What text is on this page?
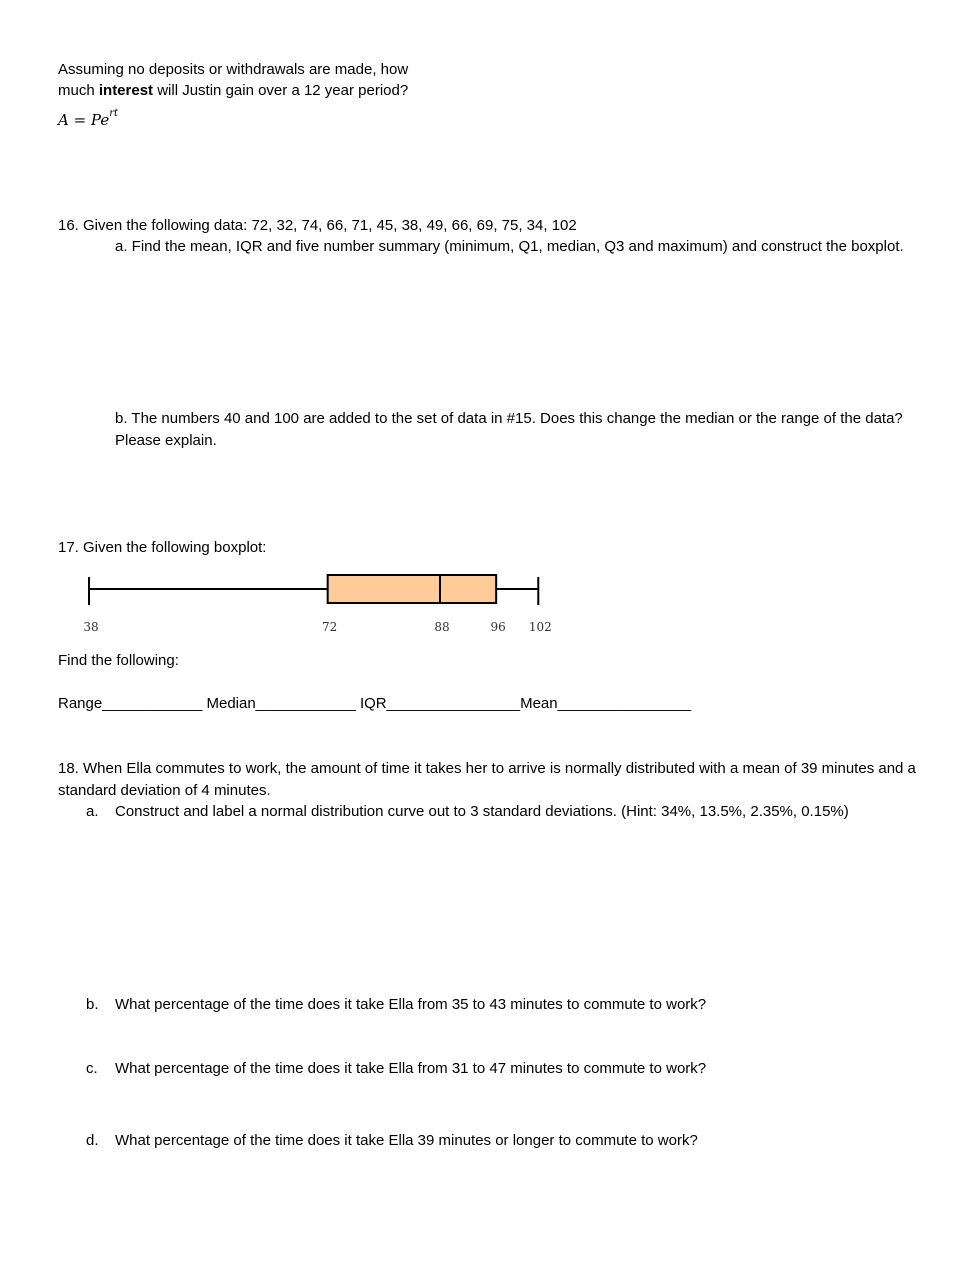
Assuming no deposits or withdrawals are made, how
much interest will Justin gain over a 12 year period?
$A = Pe^{rt}$
16. Given the following data: 72, 32, 74, 66, 71, 45, 38, 49, 66, 69, 75, 34, 102
a. Find the mean, IQR and five number summary (minimum, Q1, median, Q3 and maximum) and construct the boxplot.
b. The numbers 40 and 100 are added to the set of data in #15. Does this change the median or the range of the data? Please explain.
17. Given the following boxplot:
38	72	88	96 102
Find the following:
Range____________ Median____________ IQR________________Mean________________
18. When Ella commutes to work, the amount of time it takes her to arrive is normally distributed with a mean of 39 minutes and a standard deviation of 4 minutes.
a. Construct and label a normal distribution curve out to 3 standard deviations. (Hint: 34%, 13.5%, 2.35%, 0.15%)
b. What percentage of the time does it take Ella from 35 to 43 minutes to commute to work?
c. What percentage of the time does it take Ella from 31 to 47 minutes to commute to work?
d. What percentage of the time does it take Ella 39 minutes or longer to commute to work?
